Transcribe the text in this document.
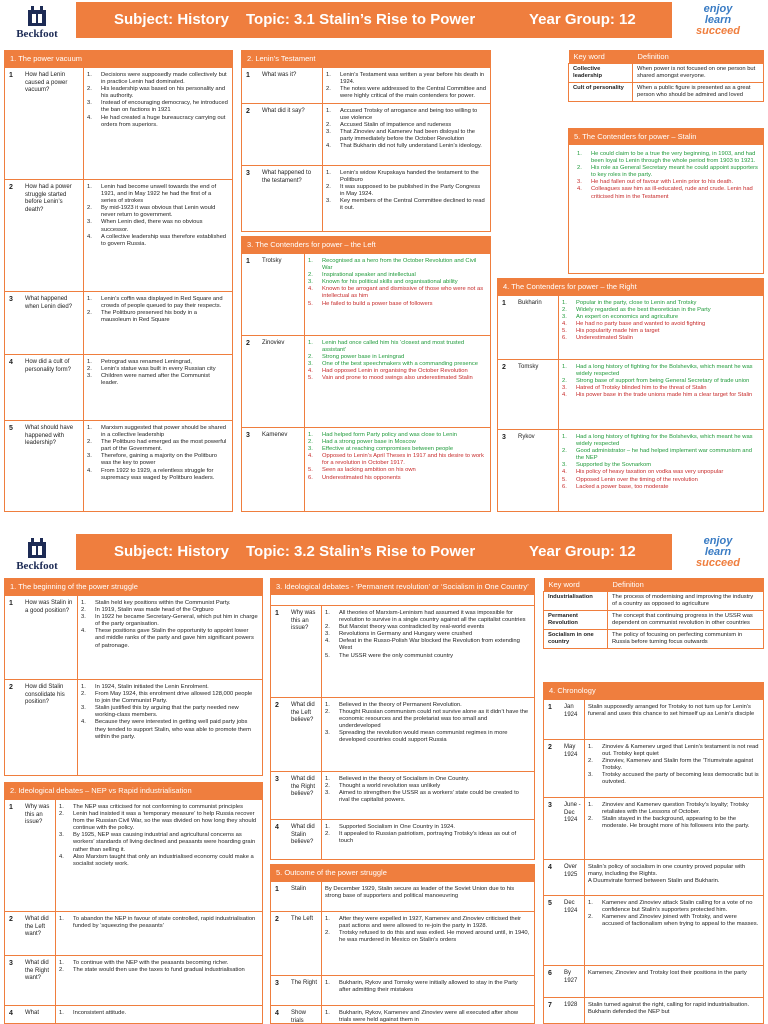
Beckfoot
Subject: History Topic: 3.1 Stalin’s Rise to Power	Year Group: 12
enjoy
learn
succeed
1. The power vacuum
1 How had Lenin caused a power vacuum?
1.	Decisions were supposedly made collectively but in practice Lenin had dominated.
2.	His leadership was based on his personality and his authority.
3.	Instead of encouraging democracy, he introduced the ban on factions in 1921
4.	He had created a huge bureaucracy carrying out orders from superiors.
2 How had a power struggle started before Lenin’s death?
1.	Lenin had become unwell towards the end of 1921, and in May 1922 he had the first of a series of strokes
2.	By mid-1923 it was obvious that Lenin would never return to government.
3.	When Lenin died, there was no obvious successor.
4.	A collective leadership was therefore established to govern Russia.
3 What happened when Lenin died?
1.	Lenin’s coffin was displayed in Red Square and crowds of people queued to pay their respects.
2.	The Politburo preserved his body in a mausoleum in Red Square
4 How did a cult of personality form?
1.	Petrograd was renamed Leningrad,
2.	Lenin’s statue was built in every Russian city
3.	Children were named after the Communist leader.
5 What should have happened with leadership?
1.	Marxism suggested that power should be shared in a collective leadership
2.	The Politburo had emerged as the most powerful part of the Government.
3.	Therefore, gaining a majority on the Politburo was the key to power
4.	From 1922 to 1929, a relentless struggle for supremacy was waged by Politburo leaders.
2. Lenin’s Testament
1 What was it?	1.	Lenin’s Testament was written a year before his death in 1924.
2.	The notes were addressed to the Central Committee and were highly critical of the main contenders for power.
2 What did it say?	1.	Accused Trotsky of arrogance and being too willing to use violence
2.	Accused Stalin of impatience and rudeness
3.	That Zinoviev and Kamenev had been disloyal to the party immediately before the October Revolution
4.	That Bukharin did not fully understand Lenin’s ideology.
3 What happened to the testament?
1.	Lenin’s widow Krupskaya handed the testament to the Politburo
2.	It was supposed to be published in the Party Congress in May 1924.
3.	Key members of the Central Committee declined to read it out.
3. The Contenders for power – the Left
1 Trotsky	1.	Recognised as a hero from the October Revolution and Civil War
2.	Inspirational speaker and intellectual
3.	Known for his political skills and organisational ability
4.	Known to be arrogant and dismissive of those who were not as intellectual as him
5.	He failed to build a power base of followers
2 Zinoviev	1.	Lenin had once called him his ‘closest and most trusted assistant’
2.	Strong power base in Leningrad
3.	One of the best speechmakers with a commanding presence
4.	Had opposed Lenin in organising the October Revolution
5.	Vain and prone to mood swings also underestimated Stalin
3 Kamenev	1.	Had helped form Party policy and was close to Lenin
2.	Had a strong power base in Moscow
3.	Effective at reaching compromises between people
4.	Opposed to Lenin’s April Theses in 1917 and his desire to work for a revolution in October 1917.
5.	Seen as lacking ambition on his own
6.	Underestimated his opponents
Key word	Definition
Collective leadership	When power is not focused on one person but shared amongst everyone.
Cult of personality	When a public figure is presented as a great person who should be admired and loved
5. The Contenders for power – Stalin
1.	He could claim to be a true the very beginning, in 1903, and had been loyal to Lenin through the whole period from 1903 to 1921.
2.	His role as General Secretary meant he could appoint supporters to key roles in the party.
3.	He had fallen out of favour with Lenin prior to his death.
4.	Colleagues saw him as ill-educated, rude and crude. Lenin had criticised him in the Testament
4. The Contenders for power – the Right
1 Bukharin	1.	Popular in the party, close to Lenin and Trotsky
2.	Widely regarded as the best theoretician in the Party
3.	An expert on economics and agriculture
4.	He had no party base and wanted to avoid fighting
5.	His popularity made him a target
6.	Underestimated Stalin
2 Tomsky	1.	Had a long history of fighting for the Bolsheviks, which meant he was widely respected
2.	Strong base of support from being General Secretary of trade union
3.	Hatred of Trotsky blinded him to the threat of Stalin
4.	His power base in the trade unions made him a clear target for Stalin
3 Rykov	1.	Had a long history of fighting for the Bolsheviks, which meant he was widely respected
2.	Good administrator – he had helped implement war communism and the NEP
3.	Supported by the Sovnarkom
4.	His policy of heavy taxation on vodka was very unpopular
5.	Opposed Lenin over the timing of the revolution
6.	Lacked a power base, too moderate
Beckfoot
Subject: History Topic: 3.2 Stalin’s Rise to Power	Year Group: 12
enjoy
learn
succeed
1. The beginning of the power struggle
1 How was Stalin in a good position?
1.	Stalin held key positions within the Communist Party.
2.	In 1919, Stalin was made head of the Orgburo
3.	In 1922 he became Secretary-General, which put him in charge of the party organisation.
4.	These positions gave Stalin the opportunity to appoint lower and middle ranks of the party and gave him significant powers of patronage.
2 How did Stalin consolidate his position?
1.	In 1924, Stalin initiated the Lenin Enrolment.
2.	From May 1924, this enrolment drive allowed 128,000 people to join the Communist Party.
3.	Stalin justified this by arguing that the party needed new working-class members.
4.	Because they were interested in getting well paid party jobs they tended to support Stalin, who was able to promote them within the party.
2. Ideological debates – NEP vs Rapid industrialisation
1 Why was this an issue?
1.	The NEP was criticised for not conforming to communist principles
2.	Lenin had insisted it was a ‘temporary measure’ to help Russia recover from the Russian Civil War, so the was divided on how long they should continue with the policy.
3.	By 1925, NEP was causing industrial and agricultural concerns as workers’ standards of living declined and peasants were hoarding grain rather than selling it.
4.	Also Marxism taught that only an industrialised economy could make a socialist society work.
2 What did the Left want?
1.	To abandon the NEP in favour of state controlled, rapid industrialisation funded by ‘squeezing the peasants’
3 What did the Right want?
1.	To continue with the NEP with the peasants becoming richer.
2.	The state would then use the taxes to fund gradual industrialisation
4 What	1.	Inconsistent attitude.
3. Ideological debates - ‘Permanent revolution’ or ‘Socialism in One Country’
1 Why was this an issue?
1.	All theories of Marxism-Leninism had assumed it was impossible for revolution to survive in a single country against all the capitalist countries
2.	But Marxist theory was contradicted by real-world events
3.	Revolutions in Germany and Hungary were crushed
4.	Defeat in the Russo-Polish War blocked the Revolution from extending West
5.	The USSR were the only communist country
2 What did the Left believe?
1.	Believed in the theory of Permanent Revolution.
2.	Thought Russian communism could not survive alone as it didn’t have the economic resources and the proletariat was too small and underdeveloped
3.	Spreading the revolution would mean communist regimes in more developed countries could support Russia
3 What did the Right believe?
1.	Believed in the theory of Socialism in One Country.
2.	Thought a world revolution was unlikely
3.	Aimed to strengthen the USSR as a workers’ state could be created to rival the capitalist powers.
4 What did Stalin believe?
1.	Supported Socialism in One Country in 1924.
2.	It appealed to Russian patriotism, portraying Trotsky’s ideas as out of touch
5. Outcome of the power struggle
1 Stalin	By December 1929, Stalin secure as leader of the Soviet Union due to his strong base of supporters and political manoeuvring
2 The Left	1.	After they were expelled in 1927, Kamenev and Zinoviev criticised their past actions and were allowed to re-join the party in 1928.
2.	Trotsky refused to do this and was exiled. He moved around until, in 1940, he was murdered in Mexico on Stalin’s orders
3 The Right 1.	Bukharin, Rykov and Tomsky were initially allowed to stay in the Party after admitting their mistakes
4 Show trials
1.	Bukharin, Rykov, Kamenev and Zinoviev were all executed after show trials were held against them in
Key word	Definition
Industrialisation	The process of modernising and improving the industry of a country as opposed to agriculture
Permanent Revolution	The concept that continuing progress in the USSR was dependent on communist revolution in other countries
Socialism in one country	The policy of focusing on perfecting communism in Russia before turning focus outwards
4. Chronology
1 Jan 1924
Stalin supposedly arranged for Trotsky to not turn up for Lenin’s funeral and uses this chance to set himself up as Lenin’s disciple
2 May 1924
1.	Zinoviev & Kamenev urged that Lenin’s testament is not read out. Trotsky kept quiet
2.	Zinoviev, Kamenev and Stalin form the ‘Triumvirate against Trotsky.
3.	Trotsky accused the party of becoming less democratic but is outvoted.
3 June -Dec 1924
1.	Zinoviev and Kamenev question Trotsky’s loyalty; Trotsky retaliates with the Lessons of October.
2.	Stalin stayed in the background, appearing to be the moderate. He brought more of his followers into the party.
4 Over 1925
Stalin’s policy of socialism in one country proved popular with many, including the Rights.
A Duumvirate formed between Stalin and Bukharin.
5 Dec 1924
1.	Kamenev and Zinoviev attack Stalin calling for a vote of no confidence but Stalin’s supporters protected him.
2.	Kamenev and Zinoviev joined with Trotsky, and were accused of factionalism when trying to appeal to the masses.
6 By 1927
Kamenev, Zinoviev and Trotsky lost their positions in the party
7 1928	Stalin turned against the right, calling for rapid industrialisation. Bukharin defended the NEP but
